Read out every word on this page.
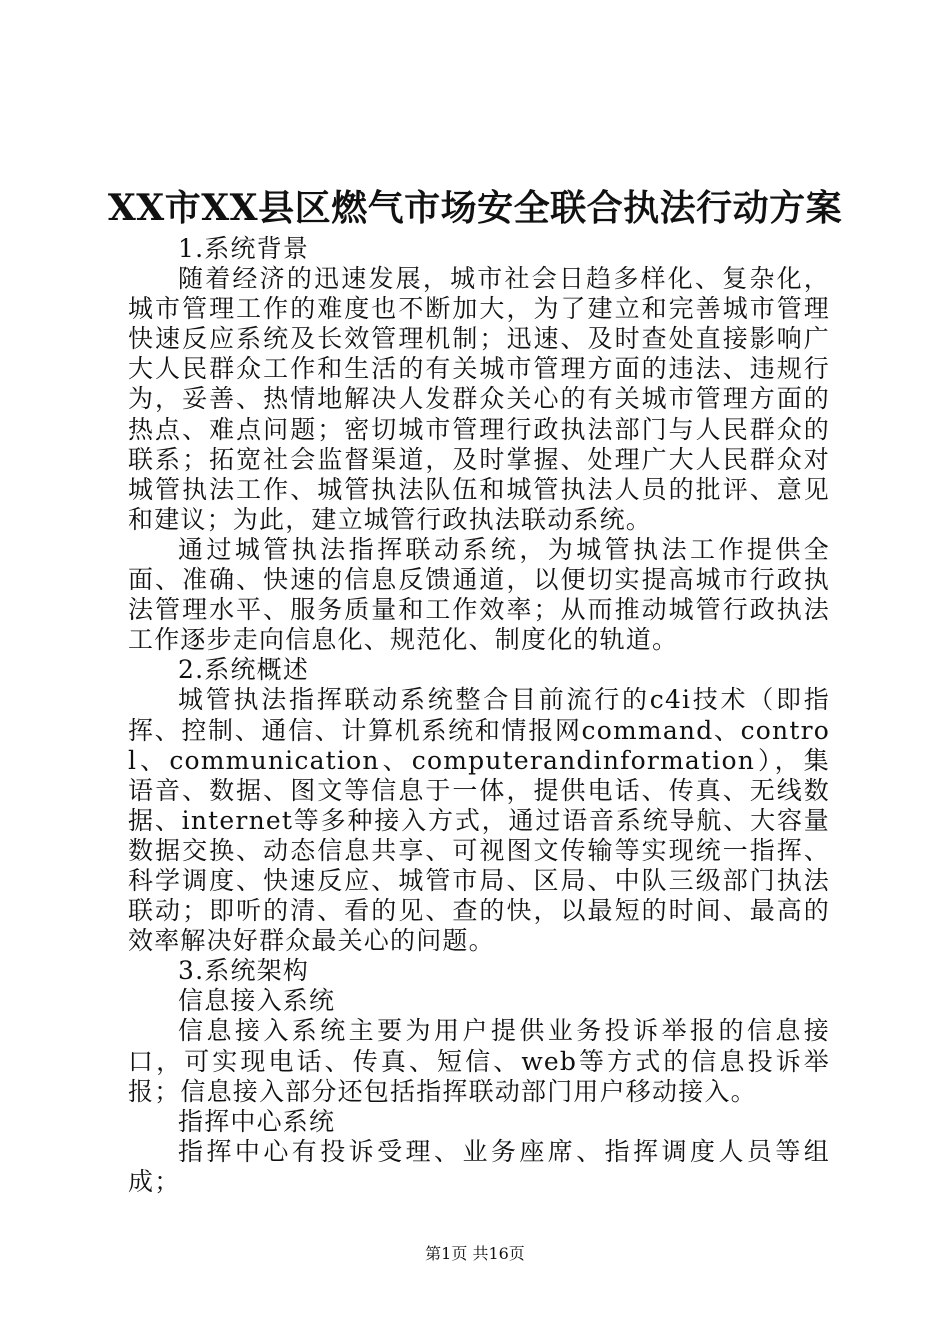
XX市XX县区燃气市场安全联合执法行动方案

1.系统背景

随着经济的迅速发展，城市社会日趋多样化、复杂化，城市管理工作的难度也不断加大，为了建立和完善城市管理快速反应系统及长效管理机制；迅速、及时查处直接影响广大人民群众工作和生活的有关城市管理方面的违法、违规行为，妥善、热情地解决人发群众关心的有关城市管理方面的热点、难点问题；密切城市管理行政执法部门与人民群众的联系；拓宽社会监督渠道，及时掌握、处理广大人民群众对城管执法工作、城管执法队伍和城管执法人员的批评、意见和建议；为此，建立城管行政执法联动系统。

通过城管执法指挥联动系统，为城管执法工作提供全面、准确、快速的信息反馈通道，以便切实提高城市行政执法管理水平、服务质量和工作效率；从而推动城管行政执法工作逐步走向信息化、规范化、制度化的轨道。

2.系统概述

城管执法指挥联动系统整合目前流行的c4i技术（即指挥、控制、通信、计算机系统和情报网command、control、communication、computerandinformation），集语音、数据、图文等信息于一体，提供电话、传真、无线数据、internet等多种接入方式，通过语音系统导航、大容量数据交换、动态信息共享、可视图文传输等实现统一指挥、科学调度、快速反应、城管市局、区局、中队三级部门执法联动；即听的清、看的见、查的快，以最短的时间、最高的效率解决好群众最关心的问题。

3.系统架构

信息接入系统

信息接入系统主要为用户提供业务投诉举报的信息接口，可实现电话、传真、短信、web等方式的信息投诉举报；信息接入部分还包括指挥联动部门用户移动接入。

指挥中心系统

指挥中心有投诉受理、业务座席、指挥调度人员等组成；

第1页 共16页
